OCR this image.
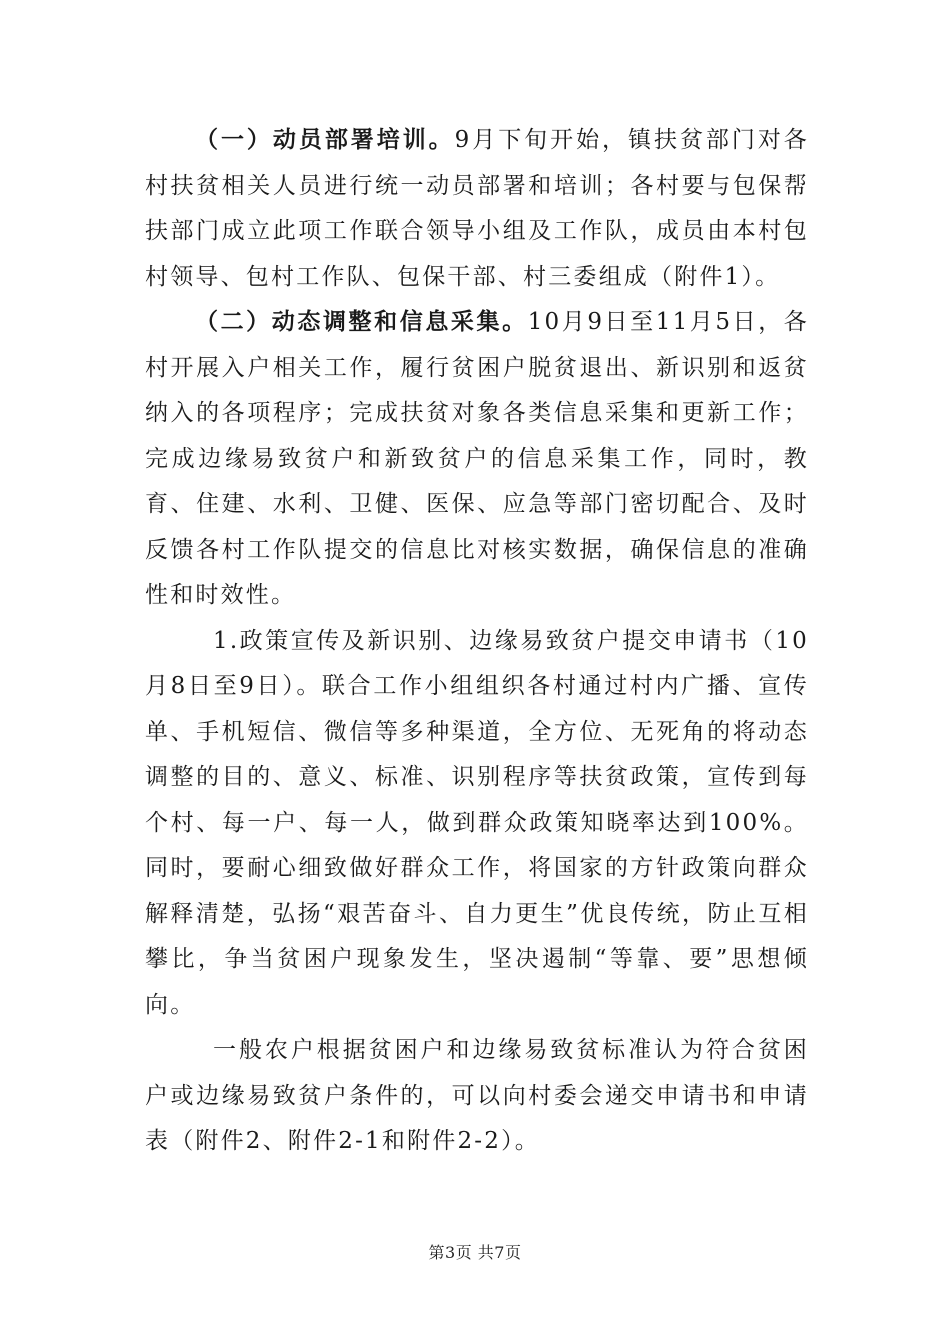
（一）动员部署培训。9月下旬开始，镇扶贫部门对各村扶贫相关人员进行统一动员部署和培训；各村要与包保帮扶部门成立此项工作联合领导小组及工作队，成员由本村包村领导、包村工作队、包保干部、村三委组成（附件1）。

（二）动态调整和信息采集。10月9日至11月5日，各村开展入户相关工作，履行贫困户脱贫退出、新识别和返贫纳入的各项程序；完成扶贫对象各类信息采集和更新工作；完成边缘易致贫户和新致贫户的信息采集工作，同时，教育、住建、水利、卫健、医保、应急等部门密切配合、及时反馈各村工作队提交的信息比对核实数据，确保信息的准确性和时效性。

1.政策宣传及新识别、边缘易致贫户提交申请书（10月8日至9日）。联合工作小组组织各村通过村内广播、宣传单、手机短信、微信等多种渠道，全方位、无死角的将动态调整的目的、意义、标准、识别程序等扶贫政策，宣传到每个村、每一户、每一人，做到群众政策知晓率达到100%。同时，要耐心细致做好群众工作，将国家的方针政策向群众解释清楚，弘扬“艰苦奋斗、自力更生”优良传统，防止互相攀比，争当贫困户现象发生，坚决遏制“等靠、要”思想倾向。

一般农户根据贫困户和边缘易致贫标准认为符合贫困户或边缘易致贫户条件的，可以向村委会递交申请书和申请表（附件2、附件2-1和附件2-2）。

第3页 共7页
